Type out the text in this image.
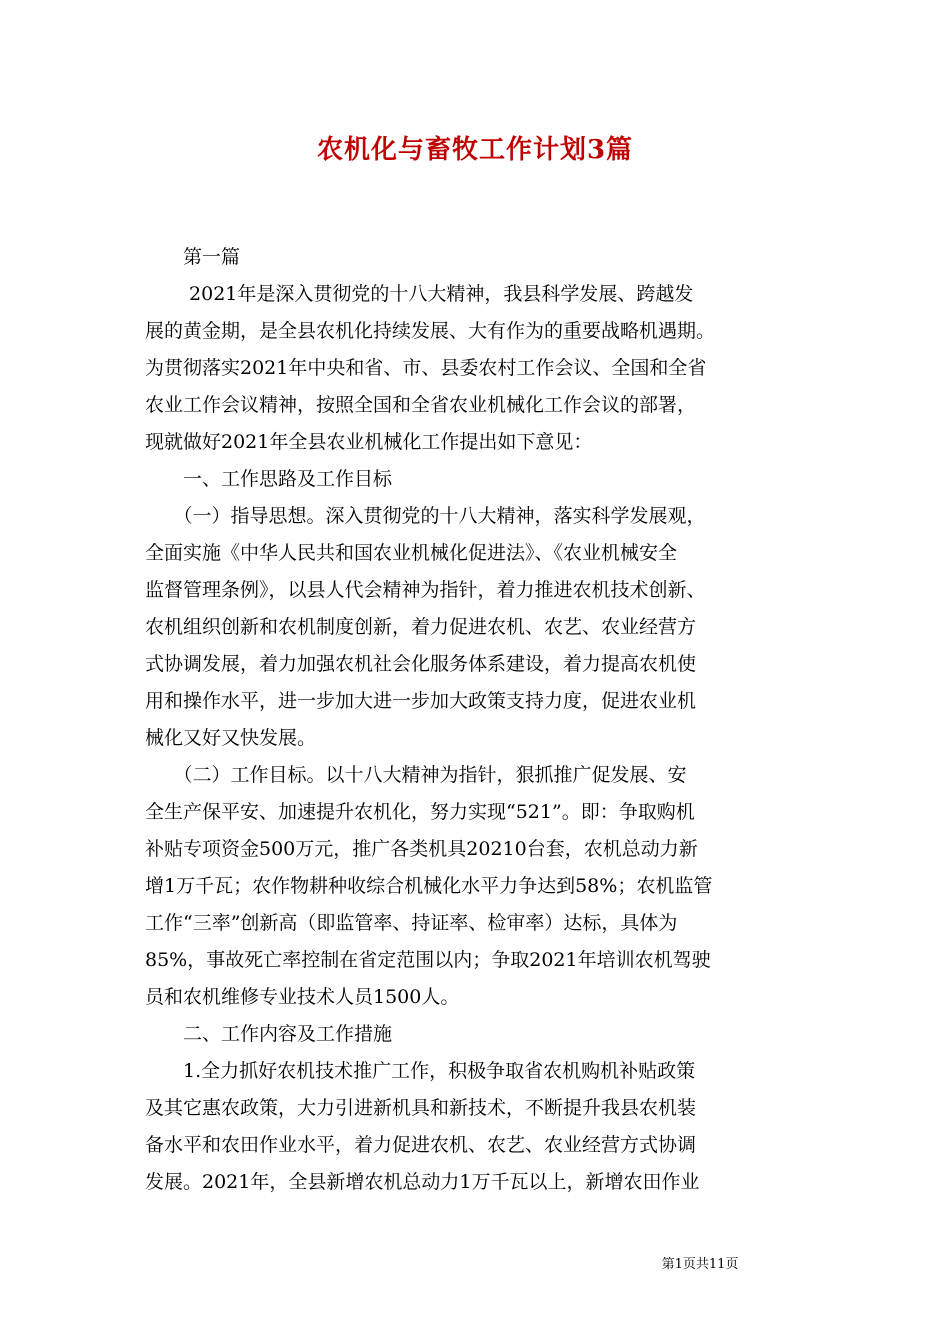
农机化与畜牧工作计划3篇

　　第一篇

　　 2021年是深入贯彻党的十八大精神，我县科学发展、跨越发

展的黄金期，是全县农机化持续发展、大有作为的重要战略机遇期。

为贯彻落实2021年中央和省、市、县委农村工作会议、全国和全省

农业工作会议精神，按照全国和全省农业机械化工作会议的部署，

现就做好2021年全县农业机械化工作提出如下意见：

　　一、工作思路及工作目标

　　（一）指导思想。深入贯彻党的十八大精神，落实科学发展观，

全面实施《中华人民共和国农业机械化促进法》、《农业机械安全

监督管理条例》，以县人代会精神为指针，着力推进农机技术创新、

农机组织创新和农机制度创新，着力促进农机、农艺、农业经营方

式协调发展，着力加强农机社会化服务体系建设，着力提高农机使

用和操作水平，进一步加大进一步加大政策支持力度，促进农业机

械化又好又快发展。

　　（二）工作目标。以十八大精神为指针，狠抓推广促发展、安

全生产保平安、加速提升农机化，努力实现“521”。即：争取购机

补贴专项资金500万元，推广各类机具20210台套，农机总动力新

增1万千瓦；农作物耕种收综合机械化水平力争达到58%；农机监管

工作“三率”创新高（即监管率、持证率、检审率）达标，具体为

85%，事故死亡率控制在省定范围以内；争取2021年培训农机驾驶

员和农机维修专业技术人员1500人。

　　二、工作内容及工作措施

　　1.全力抓好农机技术推广工作，积极争取省农机购机补贴政策

及其它惠农政策，大力引进新机具和新技术，不断提升我县农机装

备水平和农田作业水平，着力促进农机、农艺、农业经营方式协调

发展。2021年，全县新增农机总动力1万千瓦以上，新增农田作业

第1页共11页
